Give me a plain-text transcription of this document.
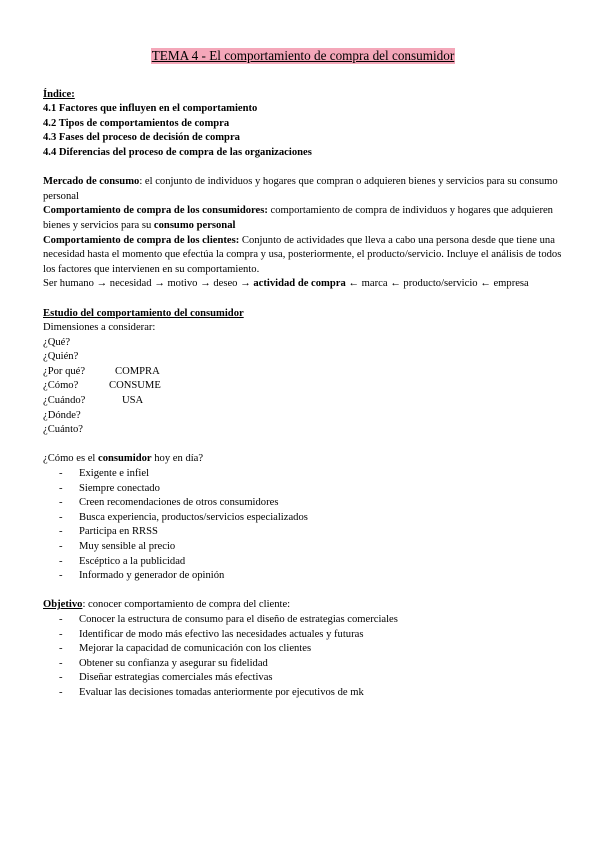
TEMA 4 - El comportamiento de compra del consumidor

Índice:

4.1 Factores que influyen en el comportamiento

4.2 Tipos de comportamientos de compra

4.3 Fases del proceso de decisión de compra

4.4 Diferencias del proceso de compra de las organizaciones

Mercado de consumo: el conjunto de individuos y hogares que compran o adquieren bienes y servicios para su consumo personal

Comportamiento de compra de los consumidores: comportamiento de compra de individuos y hogares que adquieren bienes y servicios para su consumo personal

Comportamiento de compra de los clientes: Conjunto de actividades que lleva a cabo una persona desde que tiene una necesidad hasta el momento que efectúa la compra y usa, posteriormente, el producto/servicio. Incluye el análisis de todos los factores que intervienen en su comportamiento.

Ser humano → necesidad → motivo → deseo → actividad de compra ← marca ← producto/servicio ← empresa

Estudio del comportamiento del consumidor

Dimensiones a considerar:

¿Qué?
¿Quién?
¿Por qué?	COMPRA
¿Cómo?	CONSUME
¿Cuándo?	USA
¿Dónde?
¿Cuánto?

¿Cómo es el consumidor hoy en día?

- Exigente e infiel
- Siempre conectado
- Creen recomendaciones de otros consumidores
- Busca experiencia, productos/servicios especializados
- Participa en RRSS
- Muy sensible al precio
- Escéptico a la publicidad
- Informado y generador de opinión

Objetivo: conocer comportamiento de compra del cliente:

- Conocer la estructura de consumo para el diseño de estrategias comerciales
- Identificar de modo más efectivo las necesidades actuales y futuras
- Mejorar la capacidad de comunicación con los clientes
- Obtener su confianza y asegurar su fidelidad
- Diseñar estrategias comerciales más efectivas
- Evaluar las decisiones tomadas anteriormente por ejecutivos de mk
